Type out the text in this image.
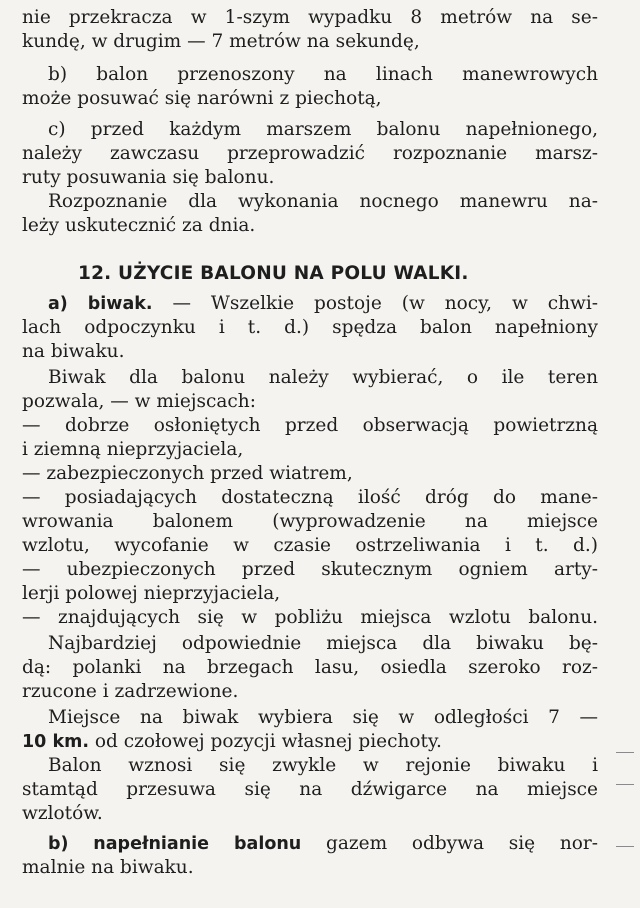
nie przekracza w 1-szym wypadku 8 metrów na se-
kundę, w drugim — 7 metrów na sekundę,
b) balon przenoszony na linach manewrowych
może posuwać się narówni z piechotą,
c) przed każdym marszem balonu napełnionego,
należy zawczasu przeprowadzić rozpoznanie marsz-
ruty posuwania się balonu.
Rozpoznanie dla wykonania nocnego manewru na-
leży uskutecznić za dnia.
12. UŻYCIE BALONU NA POLU WALKI.
a) biwak. — Wszelkie postoje (w nocy, w chwi-
lach odpoczynku i t. d.) spędza balon napełniony
na biwaku.
Biwak dla balonu należy wybierać, o ile teren
pozwala, — w miejscach:
— dobrze osłoniętych przed obserwacją powietrzną
i ziemną nieprzyjaciela,
— zabezpieczonych przed wiatrem,
— posiadających dostateczną ilość dróg do mane-
wrowania balonem (wyprowadzenie na miejsce
wzlotu, wycofanie w czasie ostrzeliwania i t. d.)
— ubezpieczonych przed skutecznym ogniem arty-
lerji polowej nieprzyjaciela,
— znajdujących się w pobliżu miejsca wzlotu balonu.
Najbardziej odpowiednie miejsca dla biwaku bę-
dą: polanki na brzegach lasu, osiedla szeroko roz-
rzucone i zadrzewione.
Miejsce na biwak wybiera się w odległości 7 —
10 km. od czołowej pozycji własnej piechoty.
Balon wznosi się zwykle w rejonie biwaku i
stamtąd przesuwa się na dźwigarce na miejsce
wzlotów.
b) napełnianie balonu gazem odbywa się nor-
malnie na biwaku.
